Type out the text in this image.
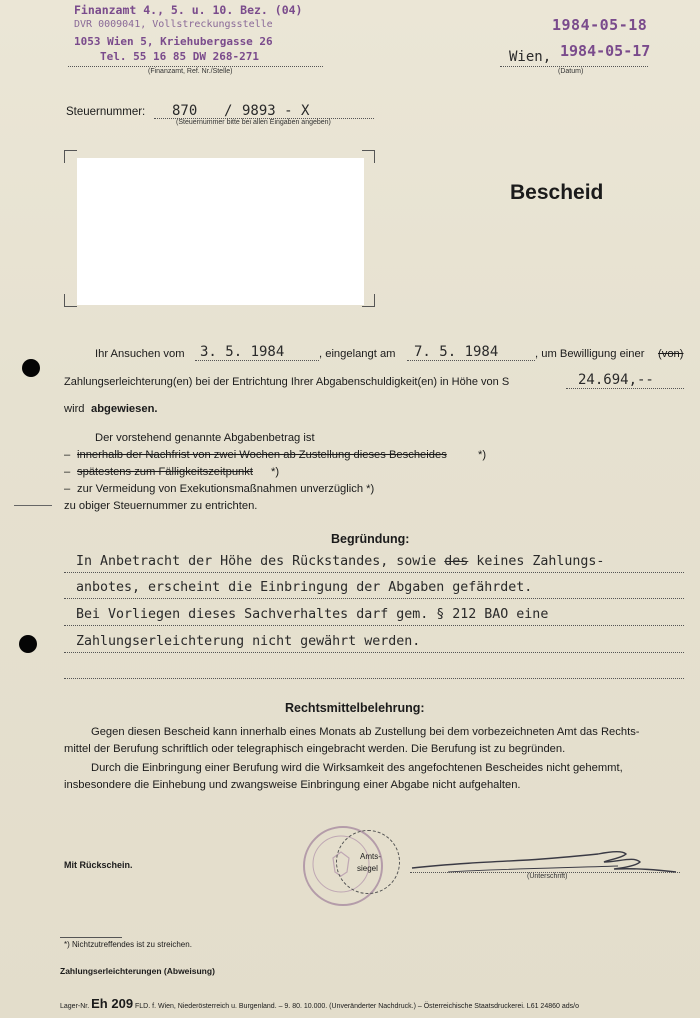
Finanzamt 4., 5. u. 10. Bez. (04)
DVR 0009041, Vollstreckungsstelle
1053 Wien 5, Kriehubergasse 26
Tel. 55 16 85 DW 268-271
(Finanzamt, Ref. Nr./Stelle)
1984-05-18
Wien, 1984-05-17
(Datum)
Steuernummer: 870 / 9893 - X
(Steuernummer bitte bei allen Eingaben angeben)
Bescheid
Ihr Ansuchen vom 3. 5. 1984	, eingelangt am 7. 5. 1984	, um Bewilligung einer (von)
Zahlungserleichterung(en) bei der Entrichtung Ihrer Abgabenschuldigkeit(en) in Höhe von S	24.694,--
wird abgewiesen.
Der vorstehend genannte Abgabenbetrag ist
– innerhalb der Nachfrist von zwei Wochen ab Zustellung dieses Bescheides	*)
– spätestens zum Fälligkeitszeitpunkt *)
– zur Vermeidung von Exekutionsmaßnahmen unverzüglich *)
zu obiger Steuernummer zu entrichten.
Begründung:
In Anbetracht der Höhe des Rückstandes, sowie des keines Zahlungs-
anbotes, erscheint die Einbringung der Abgaben gefährdet.
Bei Vorliegen dieses Sachverhaltes darf gem. § 212 BAO eine
Zahlungserleichterung nicht gewährt werden.
Rechtsmittelbelehrung:
Gegen diesen Bescheid kann innerhalb eines Monats ab Zustellung bei dem vorbezeichneten Amt das Rechts-
mittel der Berufung schriftlich oder telegraphisch eingebracht werden. Die Berufung ist zu begründen.
Durch die Einbringung einer Berufung wird die Wirksamkeit des angefochtenen Bescheides nicht gehemmt,
insbesondere die Einhebung und zwangsweise Einbringung einer Abgabe nicht aufgehalten.
Mit Rückschein.
Amts-
siegel
(Unterschrift)
*) Nichtzutreffendes ist zu streichen.
Zahlungserleichterungen (Abweisung)
Lager-Nr. Eh 209 FLD. f. Wien, Niederösterreich u. Burgenland. – 9. 80. 10.000. (Unveränderter Nachdruck.) – Österreichische Staatsdruckerei. L61 24860 ads/o
